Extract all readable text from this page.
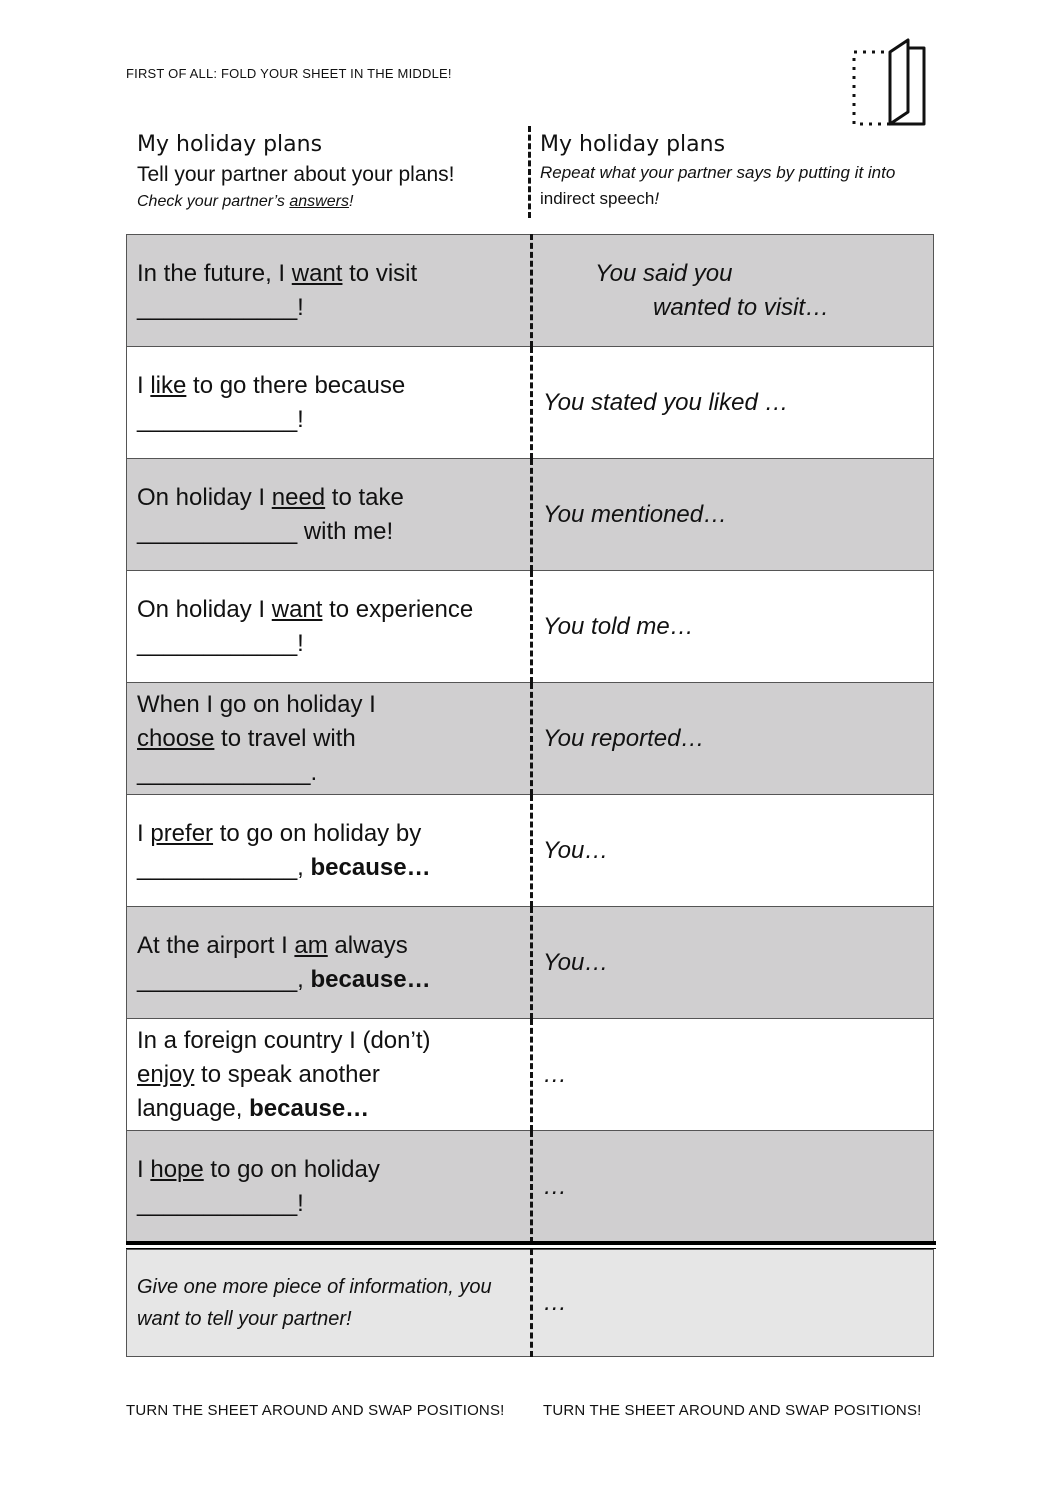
FIRST OF ALL: FOLD YOUR SHEET IN THE MIDDLE!
My holiday plans
Tell your partner about your plans!
Check your partner’s answers!
My holiday plans
Repeat what your partner says by putting it into indirect speech!
In the future, I want to visit
____________!	You said you
wanted to visit…

I like to go there because
____________!	You stated you liked …
On holiday I need to take
____________ with me!	You mentioned…
On holiday I want to experience
____________!	You told me…
When I go on holiday I
choose to travel with
_____________.	You reported…
I prefer to go on holiday by
____________, because…	You…
At the airport I am always
____________, because…	You…
In a foreign country I (don’t)
enjoy to speak another
language, because…	…
I hope to go on holiday
____________!	…

Give one more piece of information, you want to tell your partner!	…
TURN THE SHEET AROUND AND SWAP POSITIONS!	TURN THE SHEET AROUND AND SWAP POSITIONS!
